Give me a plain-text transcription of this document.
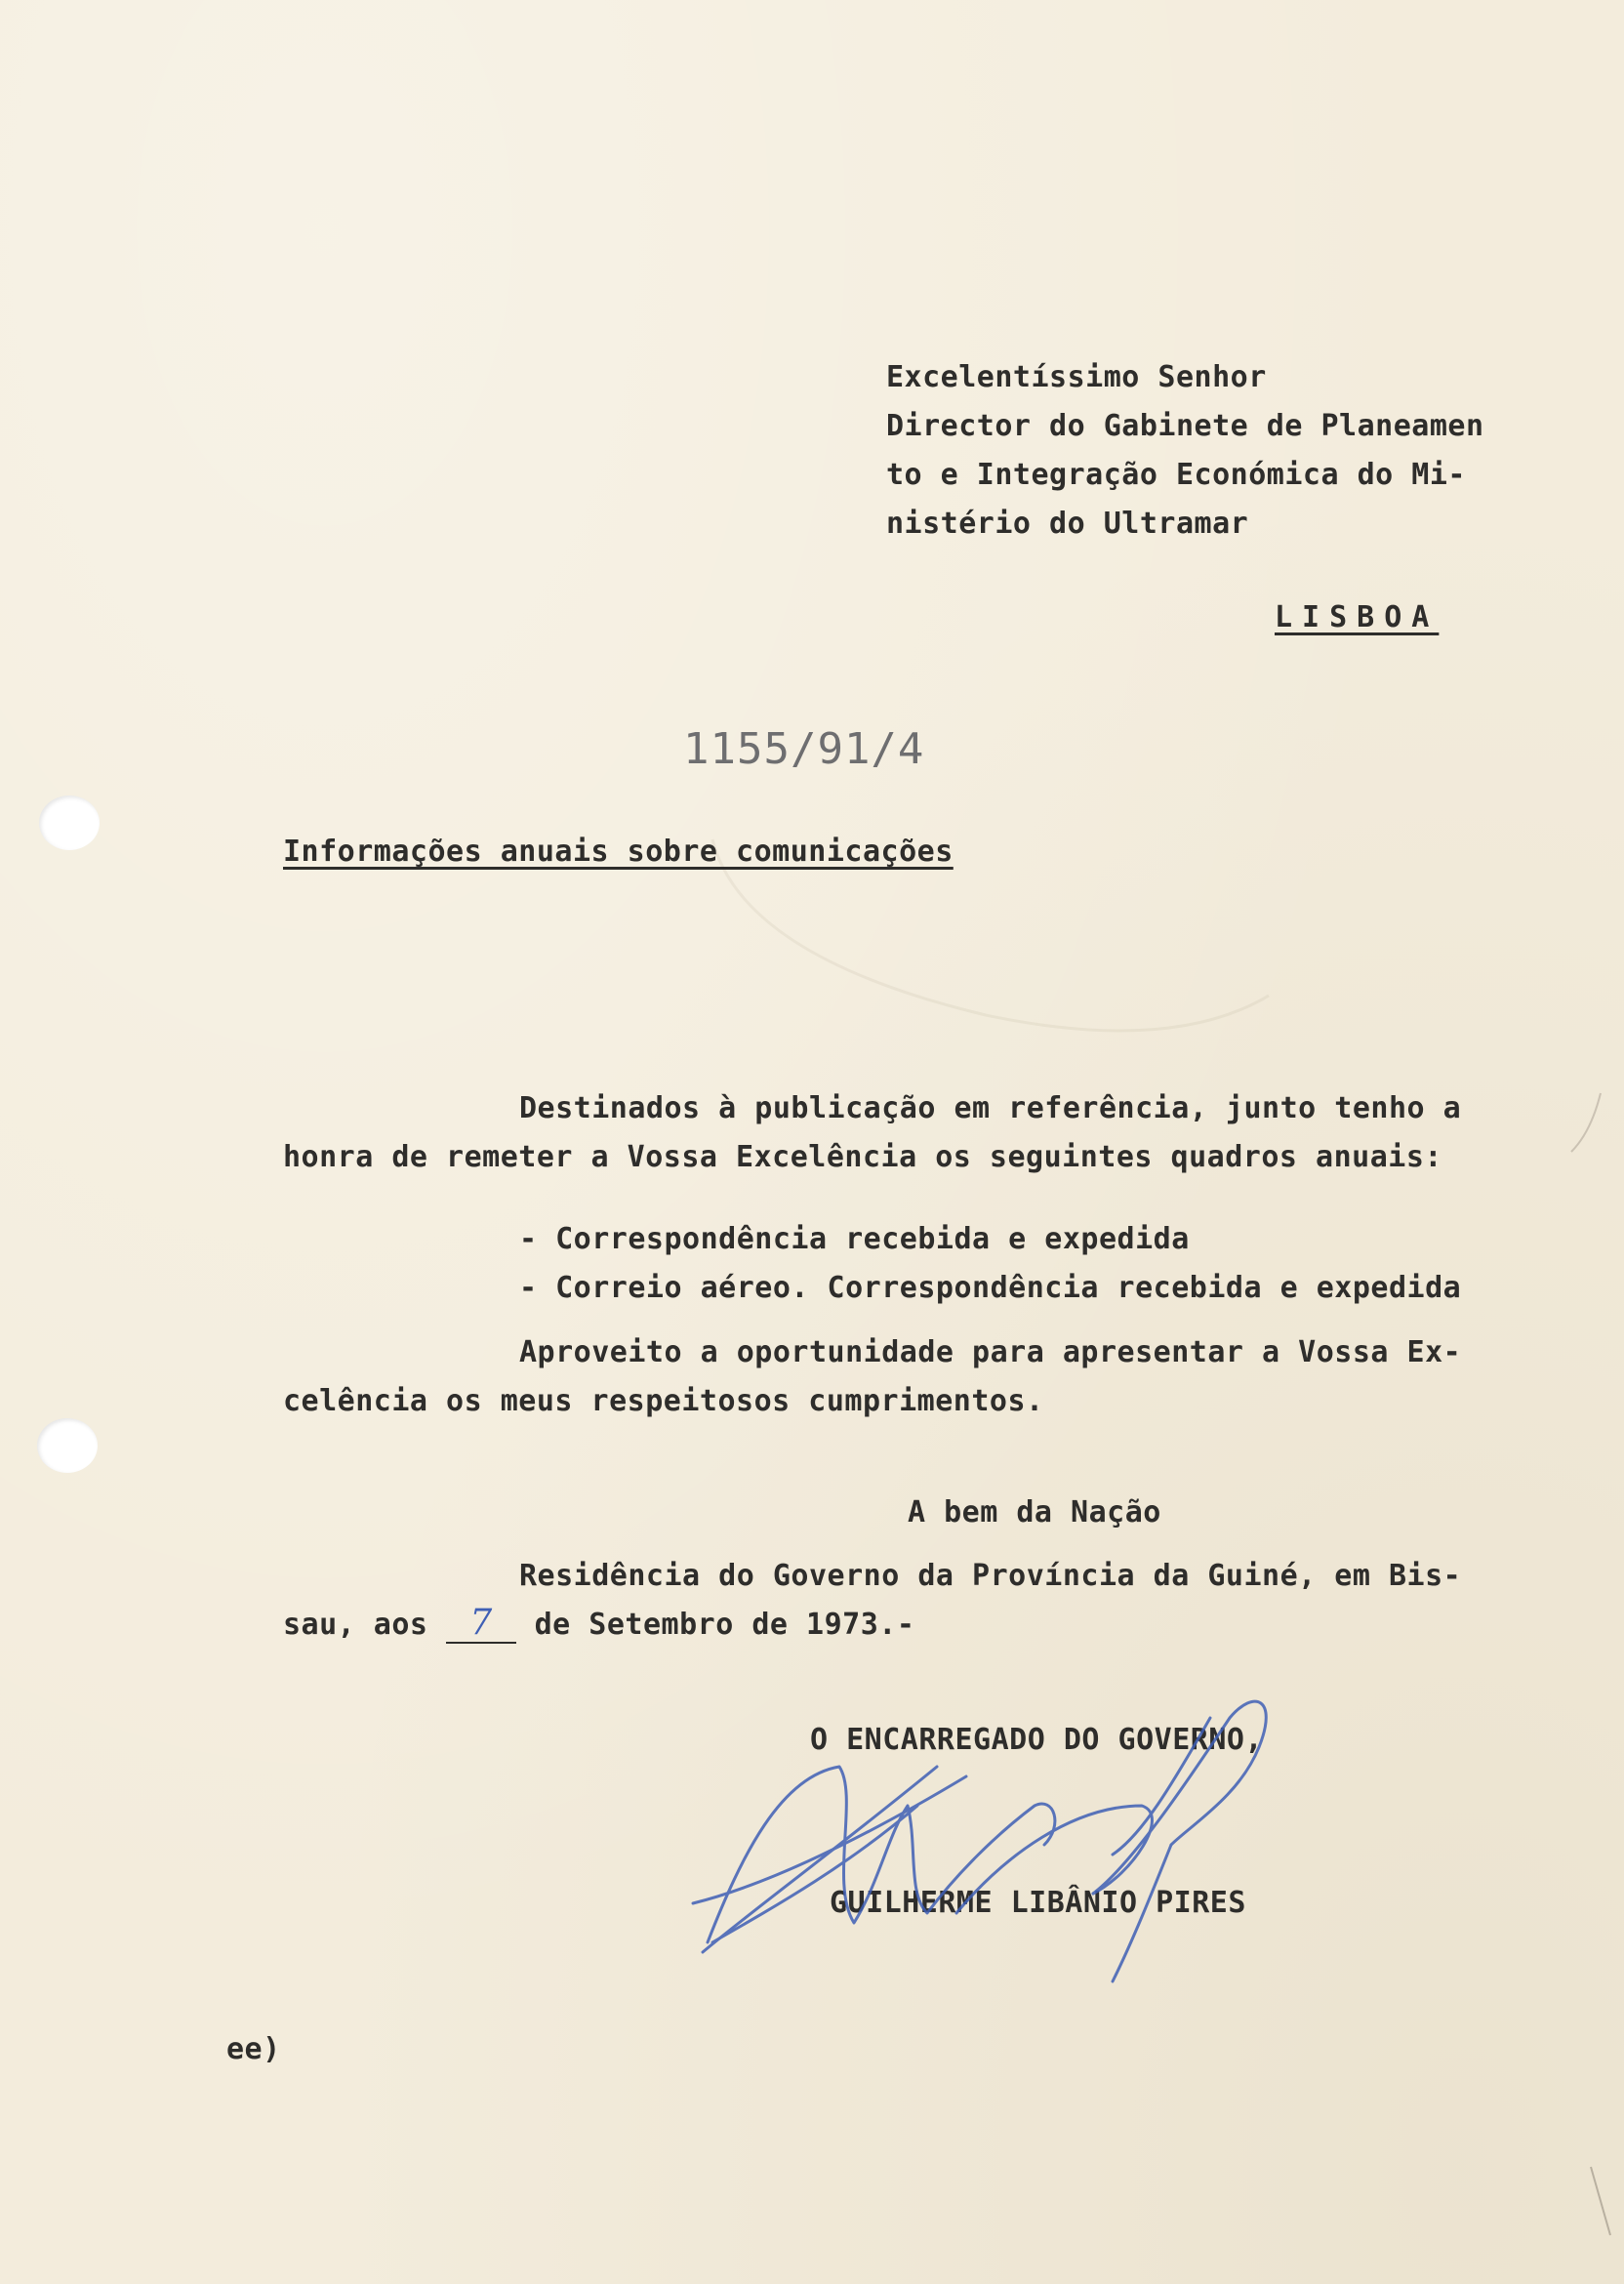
Excelentíssimo Senhor
Director do Gabinete de Planeamen
to e Integração Económica do Mi-
nistério do Ultramar
LISBOA
1155/91/4
Informações anuais sobre comunicações
Destinados à publicação em referência, junto tenho a
honra de remeter a Vossa Excelência os seguintes quadros anuais:
- Correspondência recebida e expedida
- Correio aéreo. Correspondência recebida e expedida
Aproveito a oportunidade para apresentar a Vossa Ex-
celência os meus respeitosos cumprimentos.
A bem da Nação
Residência do Governo da Província da Guiné, em Bis-
sau, aos 7 de Setembro de 1973.-
O ENCARREGADO DO GOVERNO,
GUILHERME LIBÂNIO PIRES
ee)
